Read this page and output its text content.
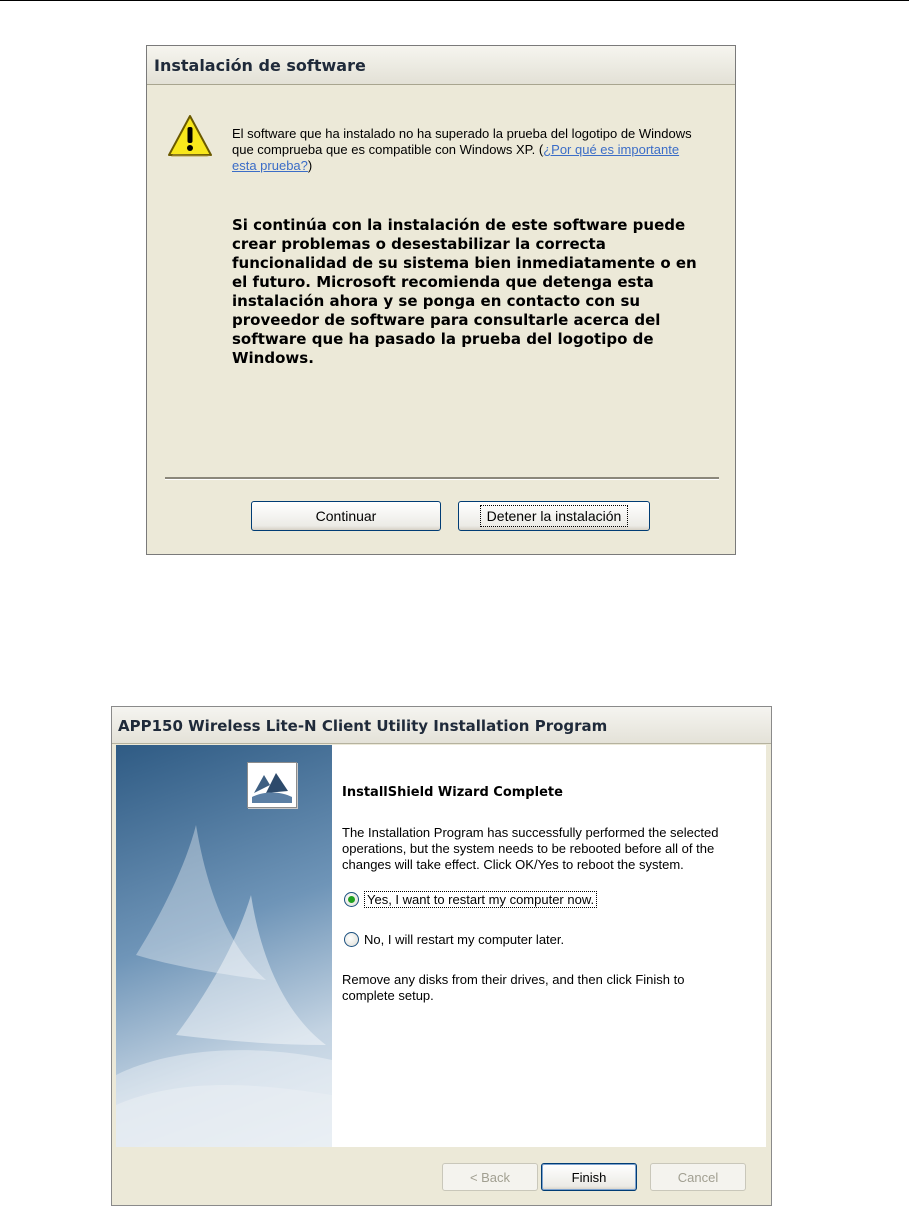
Instalación de software
El software que ha instalado no ha superado la prueba del logotipo de Windows que comprueba que es compatible con Windows XP. (¿Por qué es importante esta prueba?)
Si continúa con la instalación de este software puede crear problemas o desestabilizar la correcta funcionalidad de su sistema bien inmediatamente o en el futuro. Microsoft recomienda que detenga esta instalación ahora y se ponga en contacto con su proveedor de software para consultarle acerca del software que ha pasado la prueba del logotipo de Windows.
Continuar	Detener la instalación
APP150 Wireless Lite-N Client Utility Installation Program
InstallShield Wizard Complete
The Installation Program has successfully performed the selected operations, but the system needs to be rebooted before all of the changes will take effect. Click OK/Yes to reboot the system.
Yes, I want to restart my computer now.
No, I will restart my computer later.
Remove any disks from their drives, and then click Finish to complete setup.
< Back	Finish	Cancel
